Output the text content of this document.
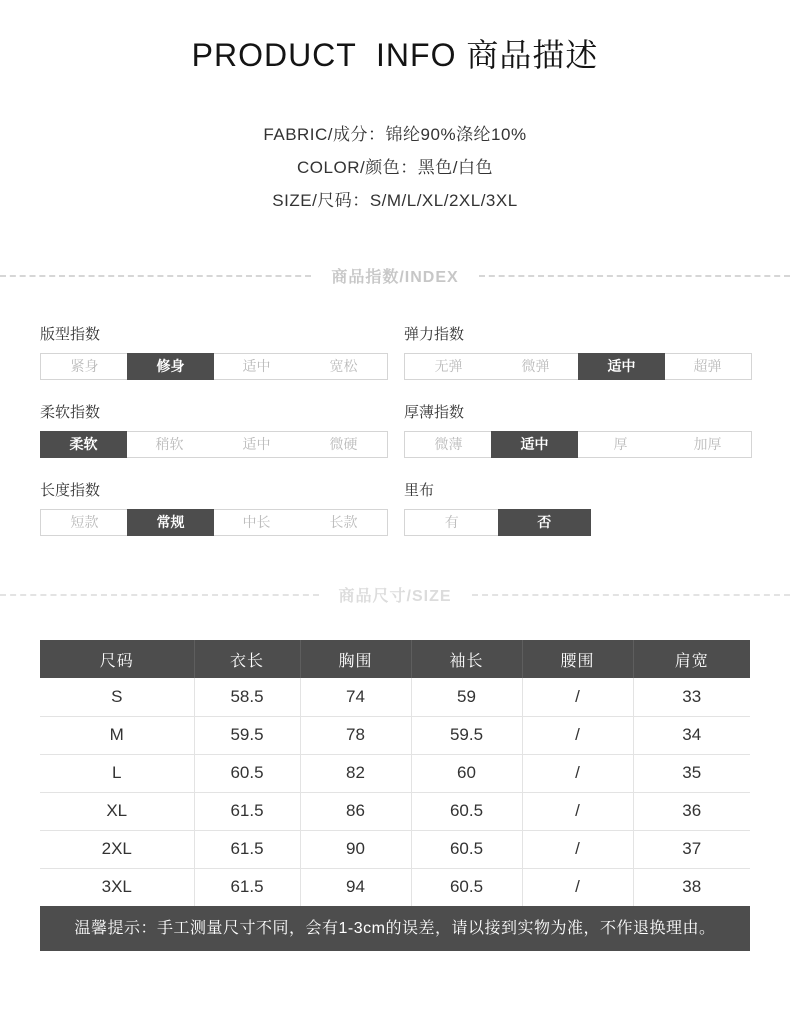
PRODUCT  INFO 商品描述
FABRIC/成分：锦纶90%涤纶10%
COLOR/颜色：黑色/白色
SIZE/尺码：S/M/L/XL/2XL/3XL
商品指数/INDEX
版型指数
紧身	修身	适中	宽松
弹力指数
无弹	微弹	适中	超弹
柔软指数
柔软	稍软	适中	微硬
厚薄指数
微薄	适中	厚	加厚
长度指数
短款	常规	中长	长款
里布
有	否
商品尺寸/SIZE
尺码	衣长	胸围	袖长	腰围	肩宽
S	58.5	74	59	/	33
M	59.5	78	59.5	/	34
L	60.5	82	60	/	35
XL	61.5	86	60.5	/	36
2XL	61.5	90	60.5	/	37
3XL	61.5	94	60.5	/	38
温馨提示：手工测量尺寸不同，会有1-3cm的误差，请以接到实物为准，不作退换理由。
